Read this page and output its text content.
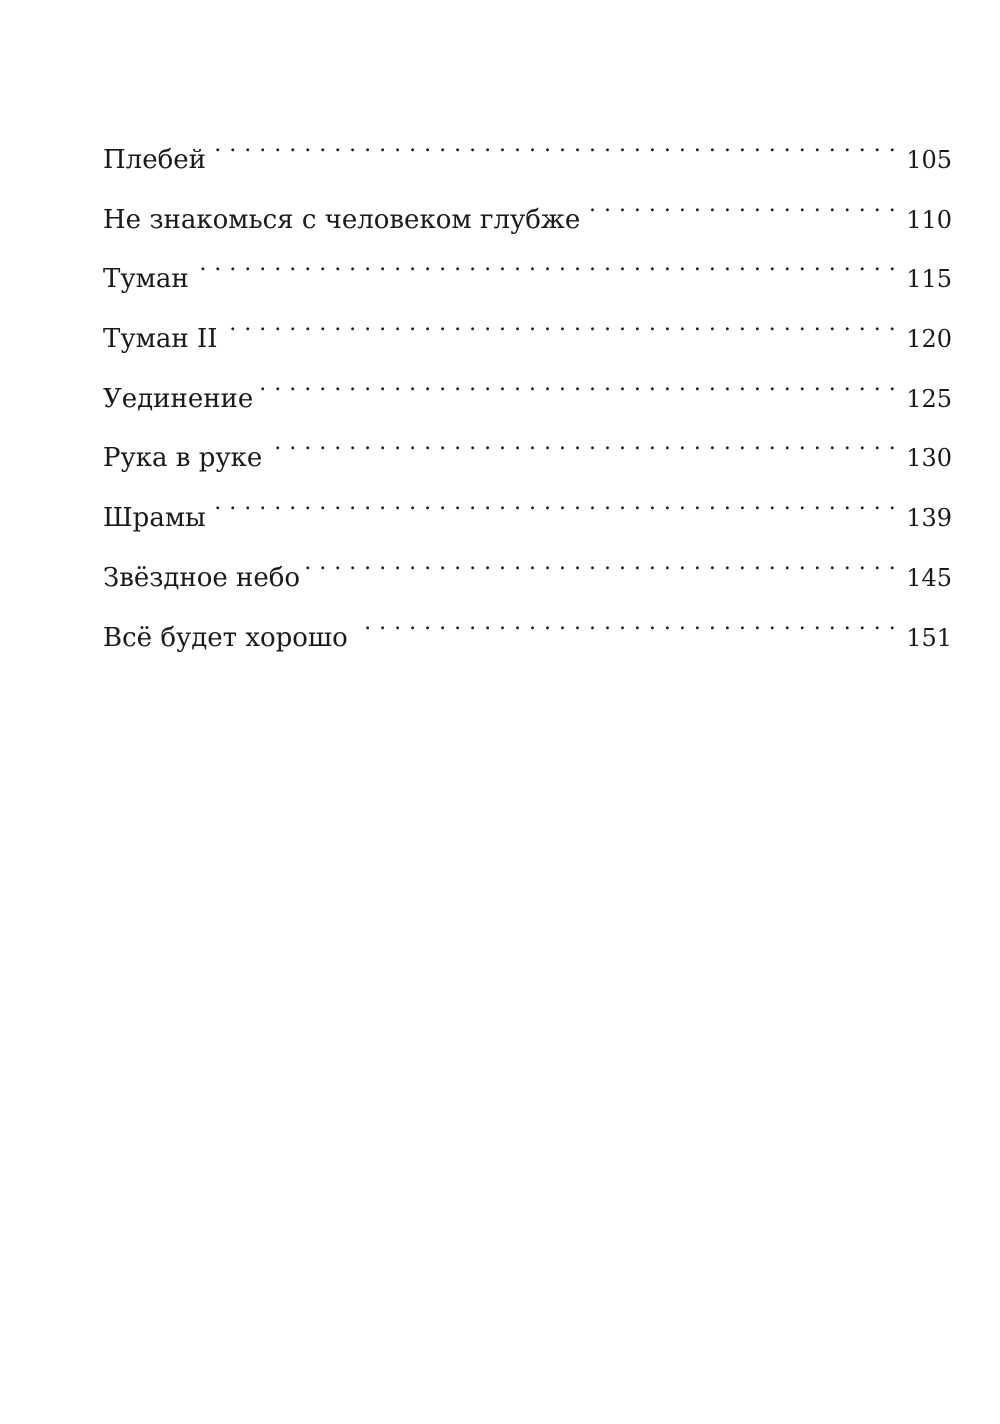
Плебей . . .	105
Не знакомься с человеком глубже . . .	110
Туман . . .	115
Туман II . . .	120
Уединение . . .	125
Рука в руке . . .	130
Шрамы . . .	139
Звёздное небо . . .	145
Всё будет хорошо . . .	151
